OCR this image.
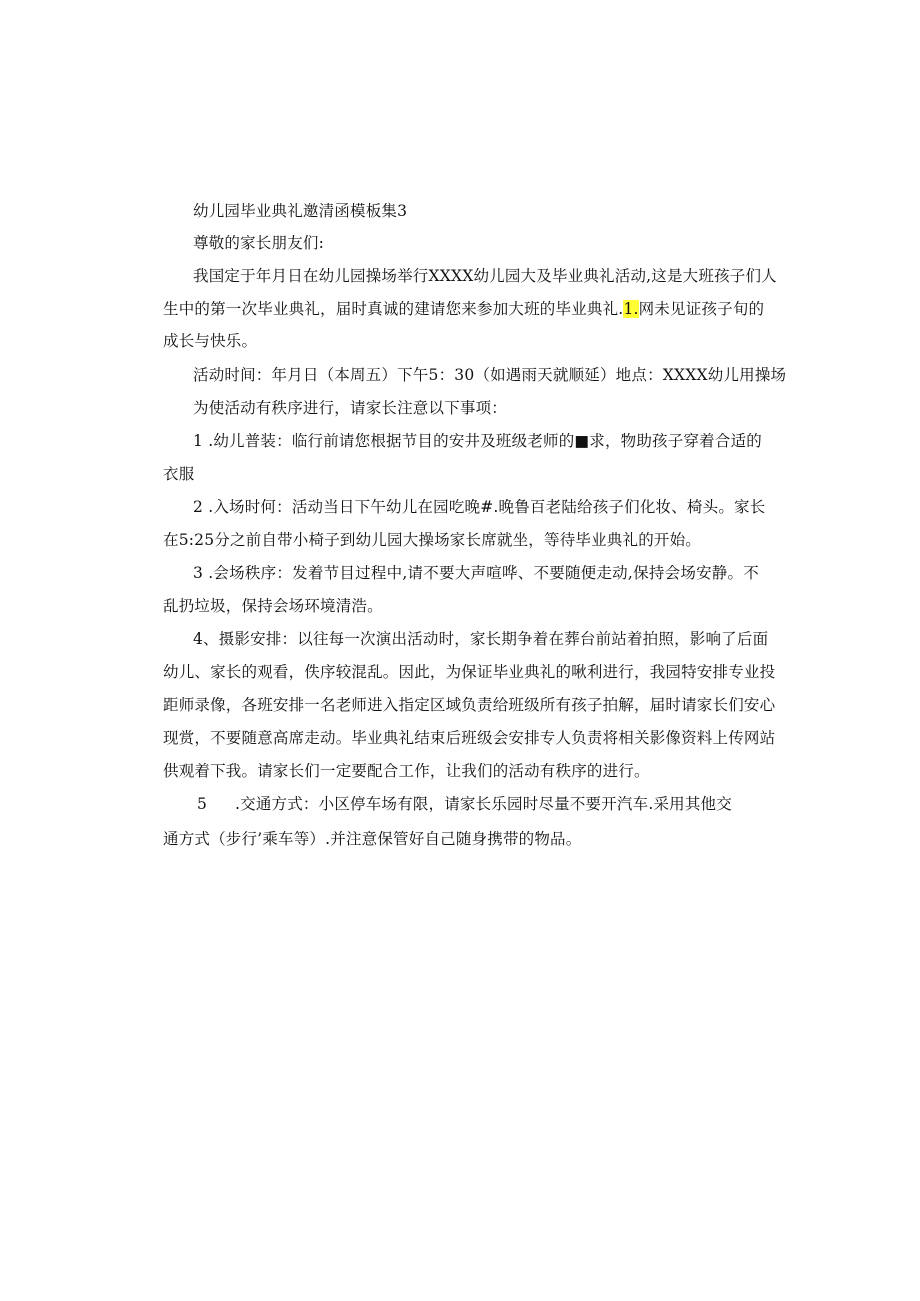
幼儿园毕业典礼邀清函模板集3
尊敬的家长朋友们:
我国定于年月日在幼儿园操场举行XXXX幼儿园大及毕业典礼活动,这是大班孩子们人
生中的第一次毕业典礼，届时真诚的建请您来参加大班的毕业典礼.1.网未见证孩子旬的
成长与快乐。
活动时间：年月日（本周五）下午5：30（如遇雨天就顺延）地点：XXXX幼儿用操场
为使活动有秩序进行，请家长注意以下事项：
1 .幼儿普装：临行前请您根据节目的安井及班级老师的■求，物助孩子穿着合适的
衣服
2 .入场时何：活动当日下午幼儿在园吃晚#.晚鲁百老陆给孩子们化妆、椅头。家长
在5:25分之前自带小椅子到幼儿园大操场家长席就坐，等待毕业典礼的开始。
3 .会场秩序：发着节目过程中,请不要大声喧哗、不要随便走动,保持会场安静。不
乱扔垃圾，保持会场环境清浩。
4、摄影安排：以往每一次演出活动时，家长期争着在葬台前站着拍照，影响了后面
幼儿、家长的观看，佚序较混乱。因此，为保证毕业典礼的啾利进行，我园特安排专业投
距师录像，各班安排一名老师进入指定区域负责给班级所有孩子拍解，届时请家长们安心
现赏，不要随意高席走动。毕业典礼结束后班级会安排专人负责将相关影像资料上传网站
供观着下我。请家长们一定要配合工作，让我们的活动有秩序的进行。
5 .交通方式：小区停车场有限，请家长乐园时尽量不要开汽车.采用其他交
通方式（步行’乘车等）.并注意保管好自己随身携带的物品。
